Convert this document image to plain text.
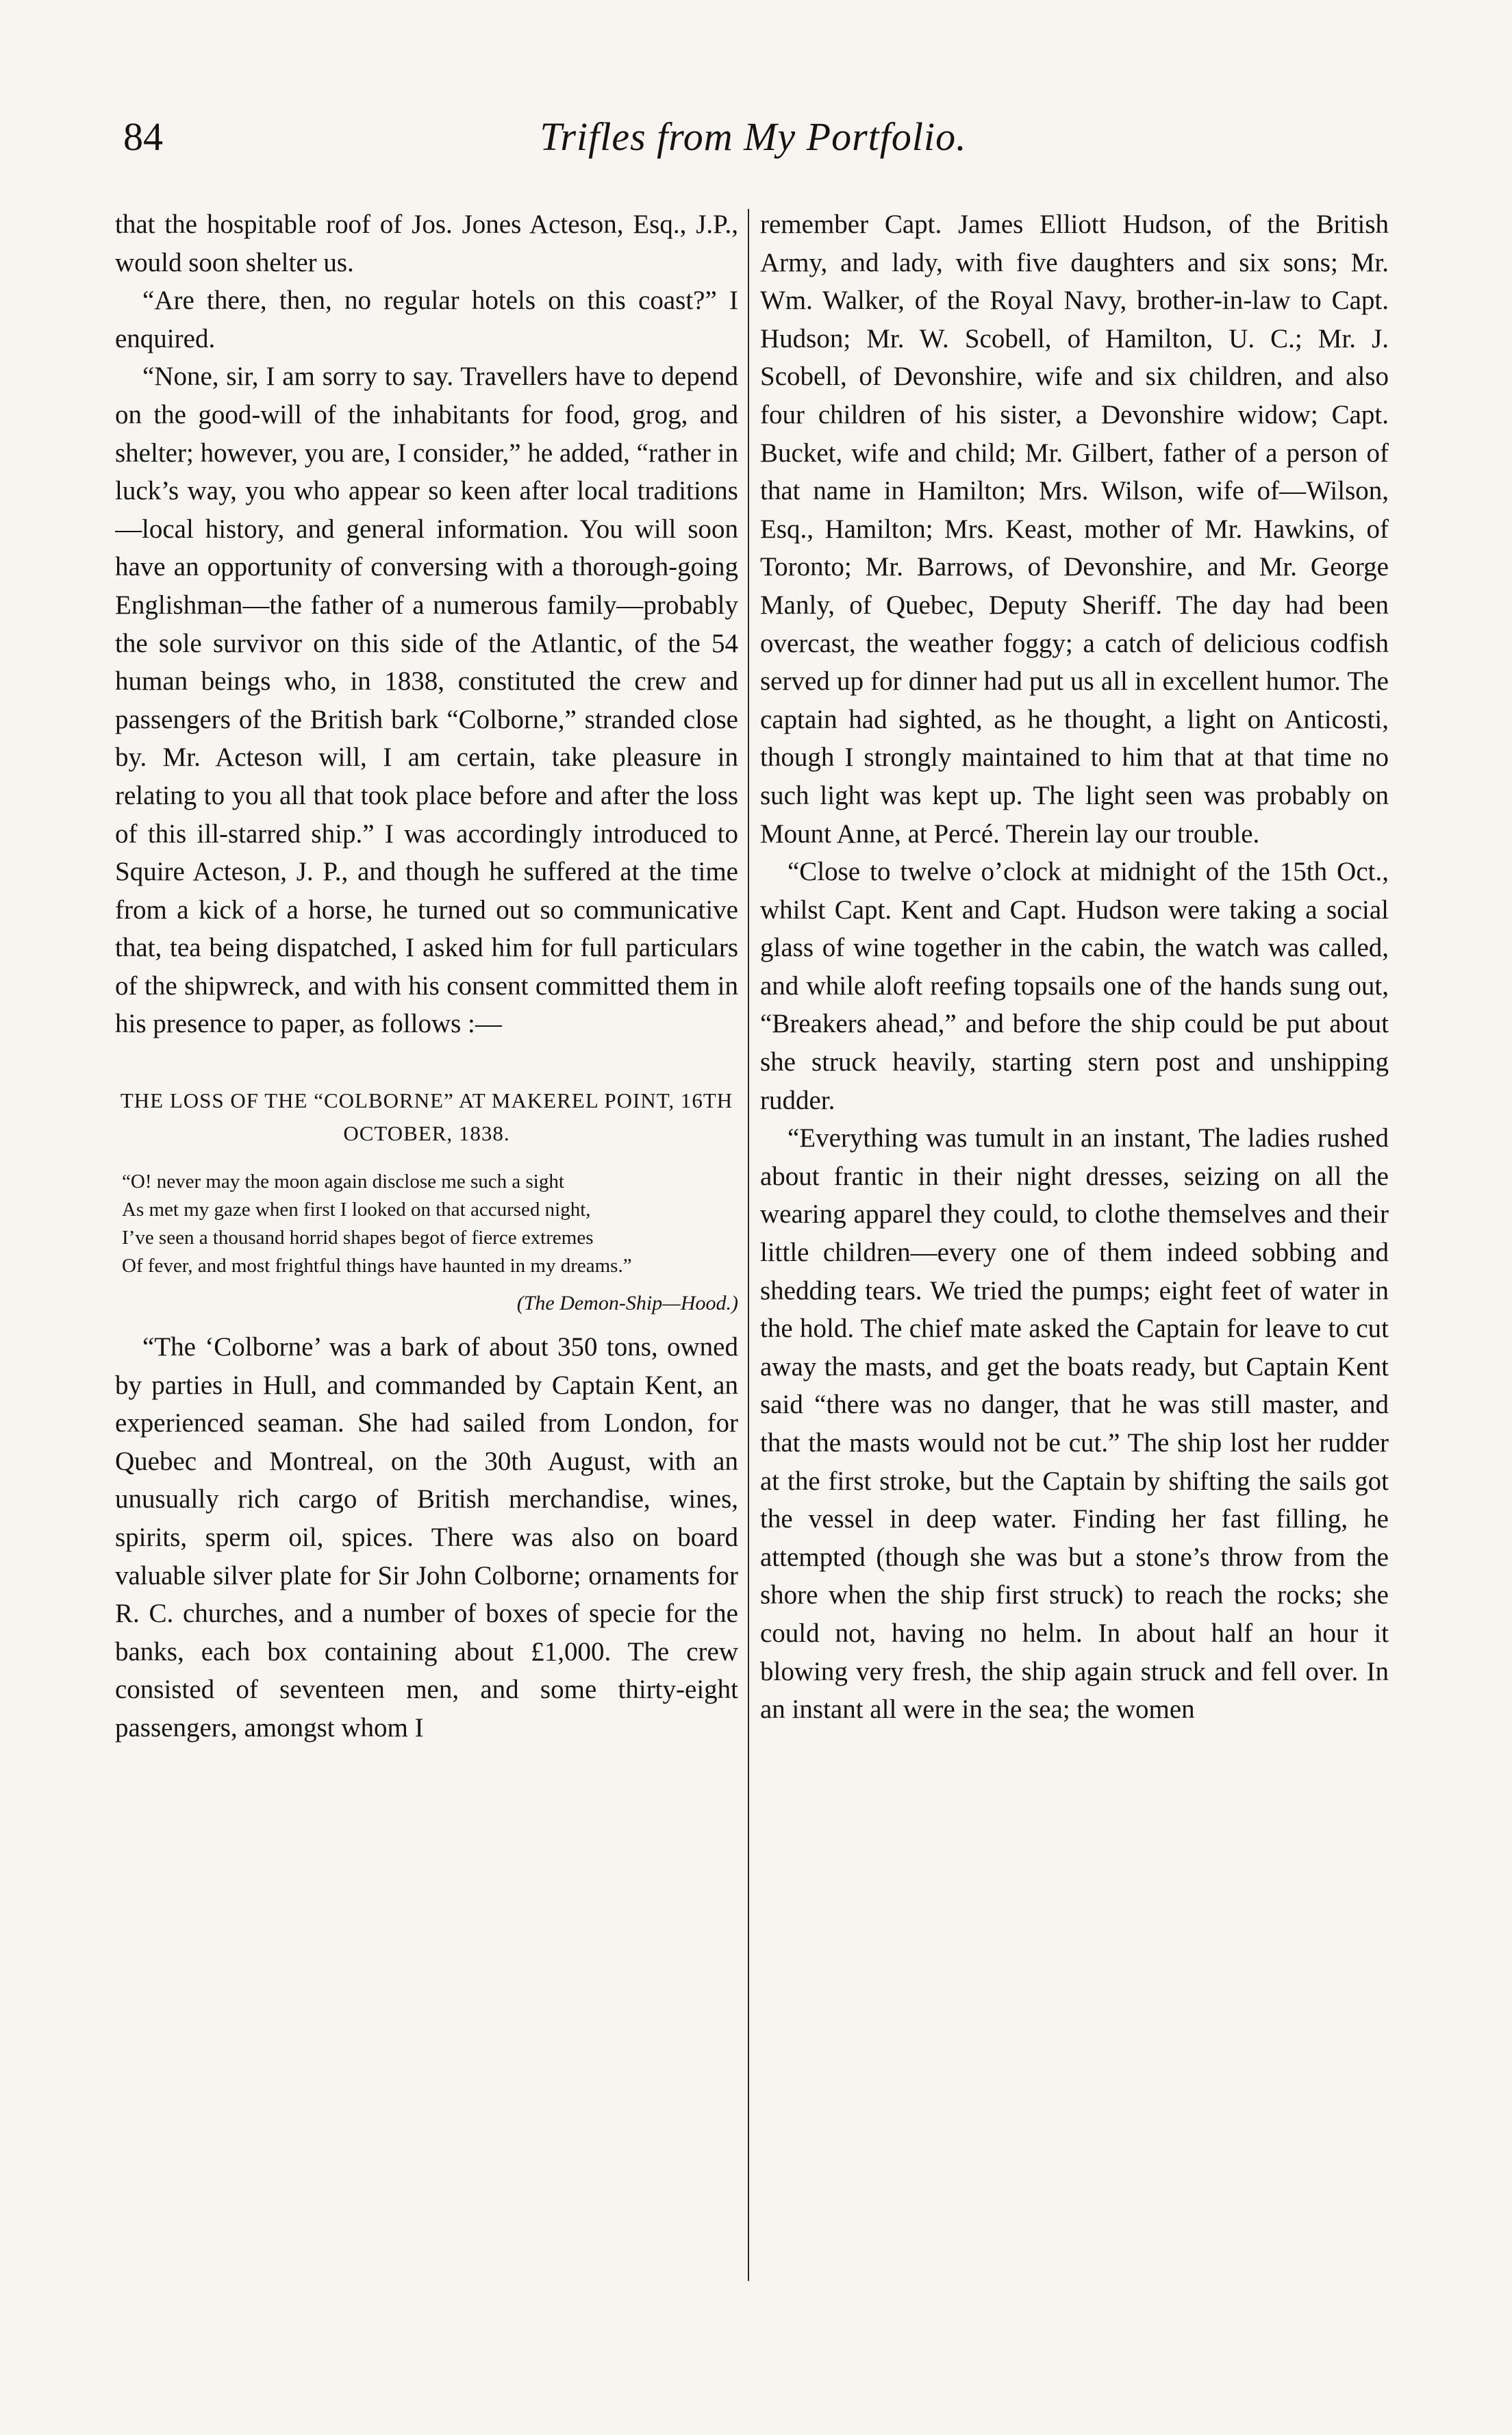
84	Trifles from My Portfolio.

that the hospitable roof of Jos. Jones Acteson, Esq., J.P., would soon shelter us.

“Are there, then, no regular hotels on this coast?” I enquired.

“None, sir, I am sorry to say. Travellers have to depend on the good-will of the inhabitants for food, grog, and shelter; however, you are, I consider,” he added, “rather in luck’s way, you who appear so keen after local traditions—local history, and general information. You will soon have an opportunity of conversing with a thorough-going Englishman—the father of a numerous family—probably the sole survivor on this side of the Atlantic, of the 54 human beings who, in 1838, constituted the crew and passengers of the British bark “Colborne,” stranded close by. Mr. Acteson will, I am certain, take pleasure in relating to you all that took place before and after the loss of this ill-starred ship.” I was accordingly introduced to Squire Acteson, J. P., and though he suffered at the time from a kick of a horse, he turned out so communicative that, tea being dispatched, I asked him for full particulars of the shipwreck, and with his consent committed them in his presence to paper, as follows :—

THE LOSS OF THE “COLBORNE” AT MAKEREL POINT, 16TH OCTOBER, 1838.
“O! never may the moon again disclose me such a sight
As met my gaze when first I looked on that accursed night,
I’ve seen a thousand horrid shapes begot of fierce extremes
Of fever, and most frightful things have haunted in my dreams.”
(The Demon-Ship—Hood.)

“The ‘Colborne’ was a bark of about 350 tons, owned by parties in Hull, and commanded by Captain Kent, an experienced seaman. She had sailed from London, for Quebec and Montreal, on the 30th August, with an unusually rich cargo of British merchandise, wines, spirits, sperm oil, spices. There was also on board valuable silver plate for Sir John Colborne; ornaments for R. C. churches, and a number of boxes of specie for the banks, each box containing about £1,000. The crew consisted of seventeen men, and some thirty-eight passengers, amongst whom I

remember Capt. James Elliott Hudson, of the British Army, and lady, with five daughters and six sons; Mr. Wm. Walker, of the Royal Navy, brother-in-law to Capt. Hudson; Mr. W. Scobell, of Hamilton, U. C.; Mr. J. Scobell, of Devonshire, wife and six children, and also four children of his sister, a Devonshire widow; Capt. Bucket, wife and child; Mr. Gilbert, father of a person of that name in Hamilton; Mrs. Wilson, wife of—Wilson, Esq., Hamilton; Mrs. Keast, mother of Mr. Hawkins, of Toronto; Mr. Barrows, of Devonshire, and Mr. George Manly, of Quebec, Deputy Sheriff. The day had been overcast, the weather foggy; a catch of delicious codfish served up for dinner had put us all in excellent humor. The captain had sighted, as he thought, a light on Anticosti, though I strongly maintained to him that at that time no such light was kept up. The light seen was probably on Mount Anne, at Percé. Therein lay our trouble.

“Close to twelve o’clock at midnight of the 15th Oct., whilst Capt. Kent and Capt. Hudson were taking a social glass of wine together in the cabin, the watch was called, and while aloft reefing topsails one of the hands sung out, “Breakers ahead,” and before the ship could be put about she struck heavily, starting stern post and unshipping rudder.

“Everything was tumult in an instant, The ladies rushed about frantic in their night dresses, seizing on all the wearing apparel they could, to clothe themselves and their little children—every one of them indeed sobbing and shedding tears. We tried the pumps; eight feet of water in the hold. The chief mate asked the Captain for leave to cut away the masts, and get the boats ready, but Captain Kent said “there was no danger, that he was still master, and that the masts would not be cut.” The ship lost her rudder at the first stroke, but the Captain by shifting the sails got the vessel in deep water. Finding her fast filling, he attempted (though she was but a stone’s throw from the shore when the ship first struck) to reach the rocks; she could not, having no helm. In about half an hour it blowing very fresh, the ship again struck and fell over. In an instant all were in the sea; the women
